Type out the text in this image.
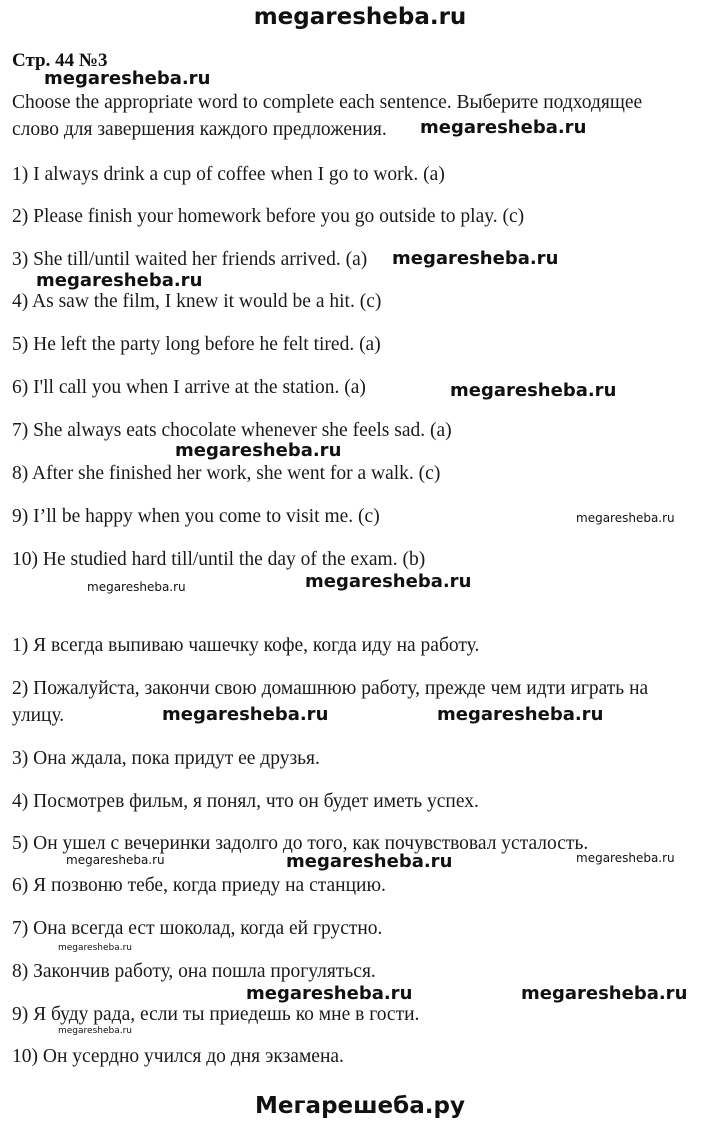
megaresheba.ru
Стр. 44 №3
megaresheba.ru
Choose the appropriate word to complete each sentence. Выберите подходящее
слово для завершения каждого предложения. megaresheba.ru
1) I always drink a cup of coffee when I go to work. (a)
2) Please finish your homework before you go outside to play. (c)
3) She till/until waited her friends arrived. (a) megaresheba.ru
megaresheba.ru
4) As saw the film, I knew it would be a hit. (c)
5) He left the party long before he felt tired. (a)
6) I'll call you when I arrive at the station. (a)	megaresheba.ru
7) She always eats chocolate whenever she feels sad. (a)
megaresheba.ru
8) After she finished her work, she went for a walk. (c)
9) I’ll be happy when you come to visit me. (c)	megaresheba.ru
10) He studied hard till/until the day of the exam. (b)
megaresheba.ru	megaresheba.ru
1) Я всегда выпиваю чашечку кофе, когда иду на работу.
2) Пожалуйста, закончи свою домашнюю работу, прежде чем идти играть на
улицу.	megaresheba.ru	megaresheba.ru
3) Она ждала, пока придут ее друзья.
4) Посмотрев фильм, я понял, что он будет иметь успех.
5) Он ушел с вечеринки задолго до того, как почувствовал усталость.
megaresheba.ru	megaresheba.ru	megaresheba.ru
6) Я позвоню тебе, когда приеду на станцию.
7) Она всегда ест шоколад, когда ей грустно.
megaresheba.ru
8) Закончив работу, она пошла прогуляться.
megaresheba.ru	megaresheba.ru
9) Я буду рада, если ты приедешь ко мне в гости.
megaresheba.ru
10) Он усердно учился до дня экзамена.
Мегарешеба.ру
